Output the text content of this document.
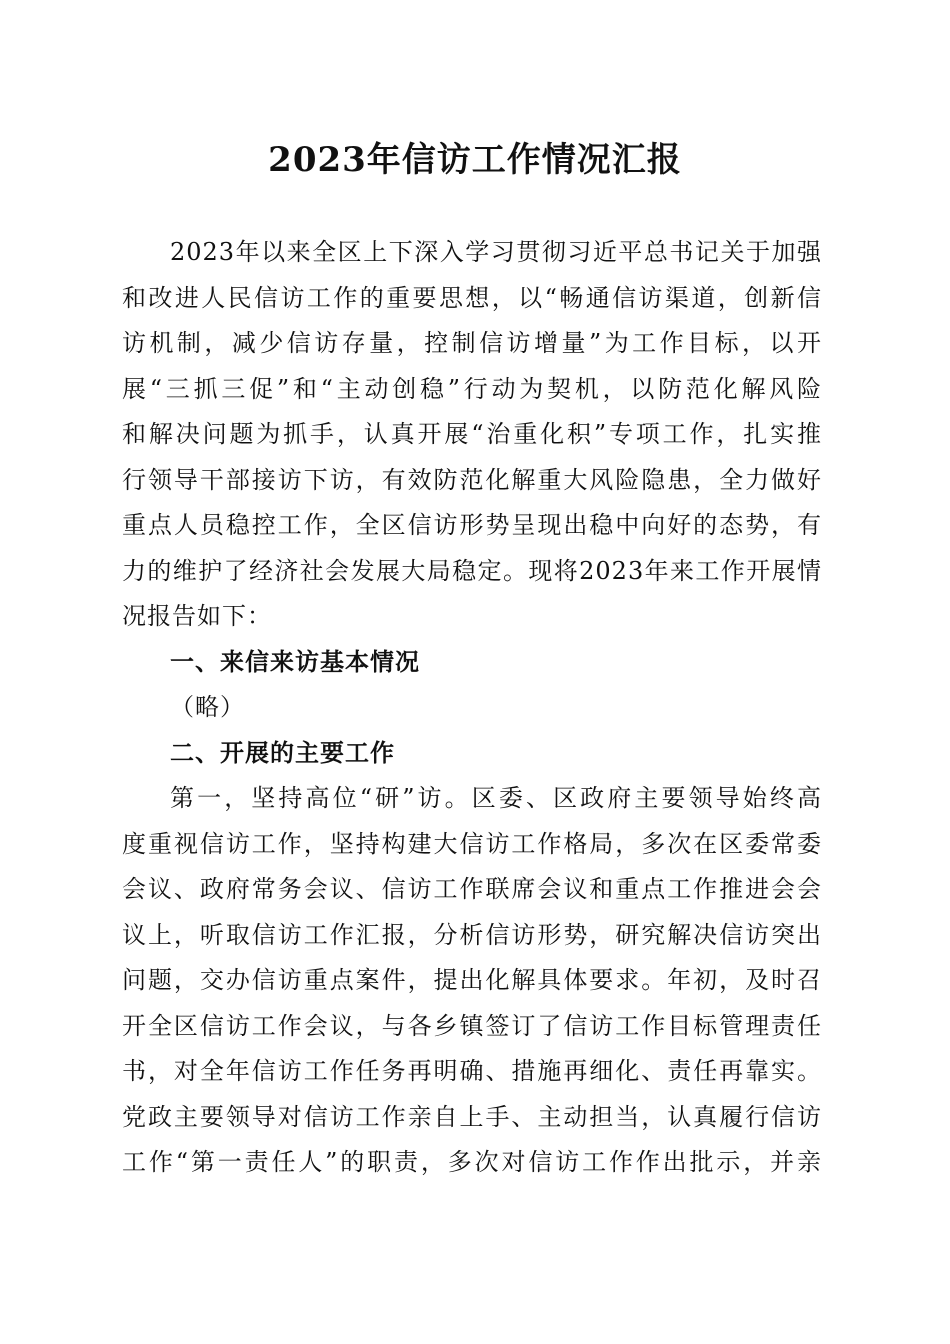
2023年信访工作情况汇报
2023年以来全区上下深入学习贯彻习近平总书记关于加强
和改进人民信访工作的重要思想，以“畅通信访渠道，创新信
访机制，减少信访存量，控制信访增量”为工作目标，以开
展“三抓三促”和“主动创稳”行动为契机，以防范化解风险
和解决问题为抓手，认真开展“治重化积”专项工作，扎实推
行领导干部接访下访，有效防范化解重大风险隐患，全力做好
重点人员稳控工作，全区信访形势呈现出稳中向好的态势，有
力的维护了经济社会发展大局稳定。现将2023年来工作开展情
况报告如下：
一、来信来访基本情况
（略）
二、开展的主要工作
第一，坚持高位“研”访。区委、区政府主要领导始终高
度重视信访工作，坚持构建大信访工作格局，多次在区委常委
会议、政府常务会议、信访工作联席会议和重点工作推进会会
议上，听取信访工作汇报，分析信访形势，研究解决信访突出
问题，交办信访重点案件，提出化解具体要求。年初，及时召
开全区信访工作会议，与各乡镇签订了信访工作目标管理责任
书，对全年信访工作任务再明确、措施再细化、责任再靠实。
党政主要领导对信访工作亲自上手、主动担当，认真履行信访
工作“第一责任人”的职责，多次对信访工作作出批示，并亲
